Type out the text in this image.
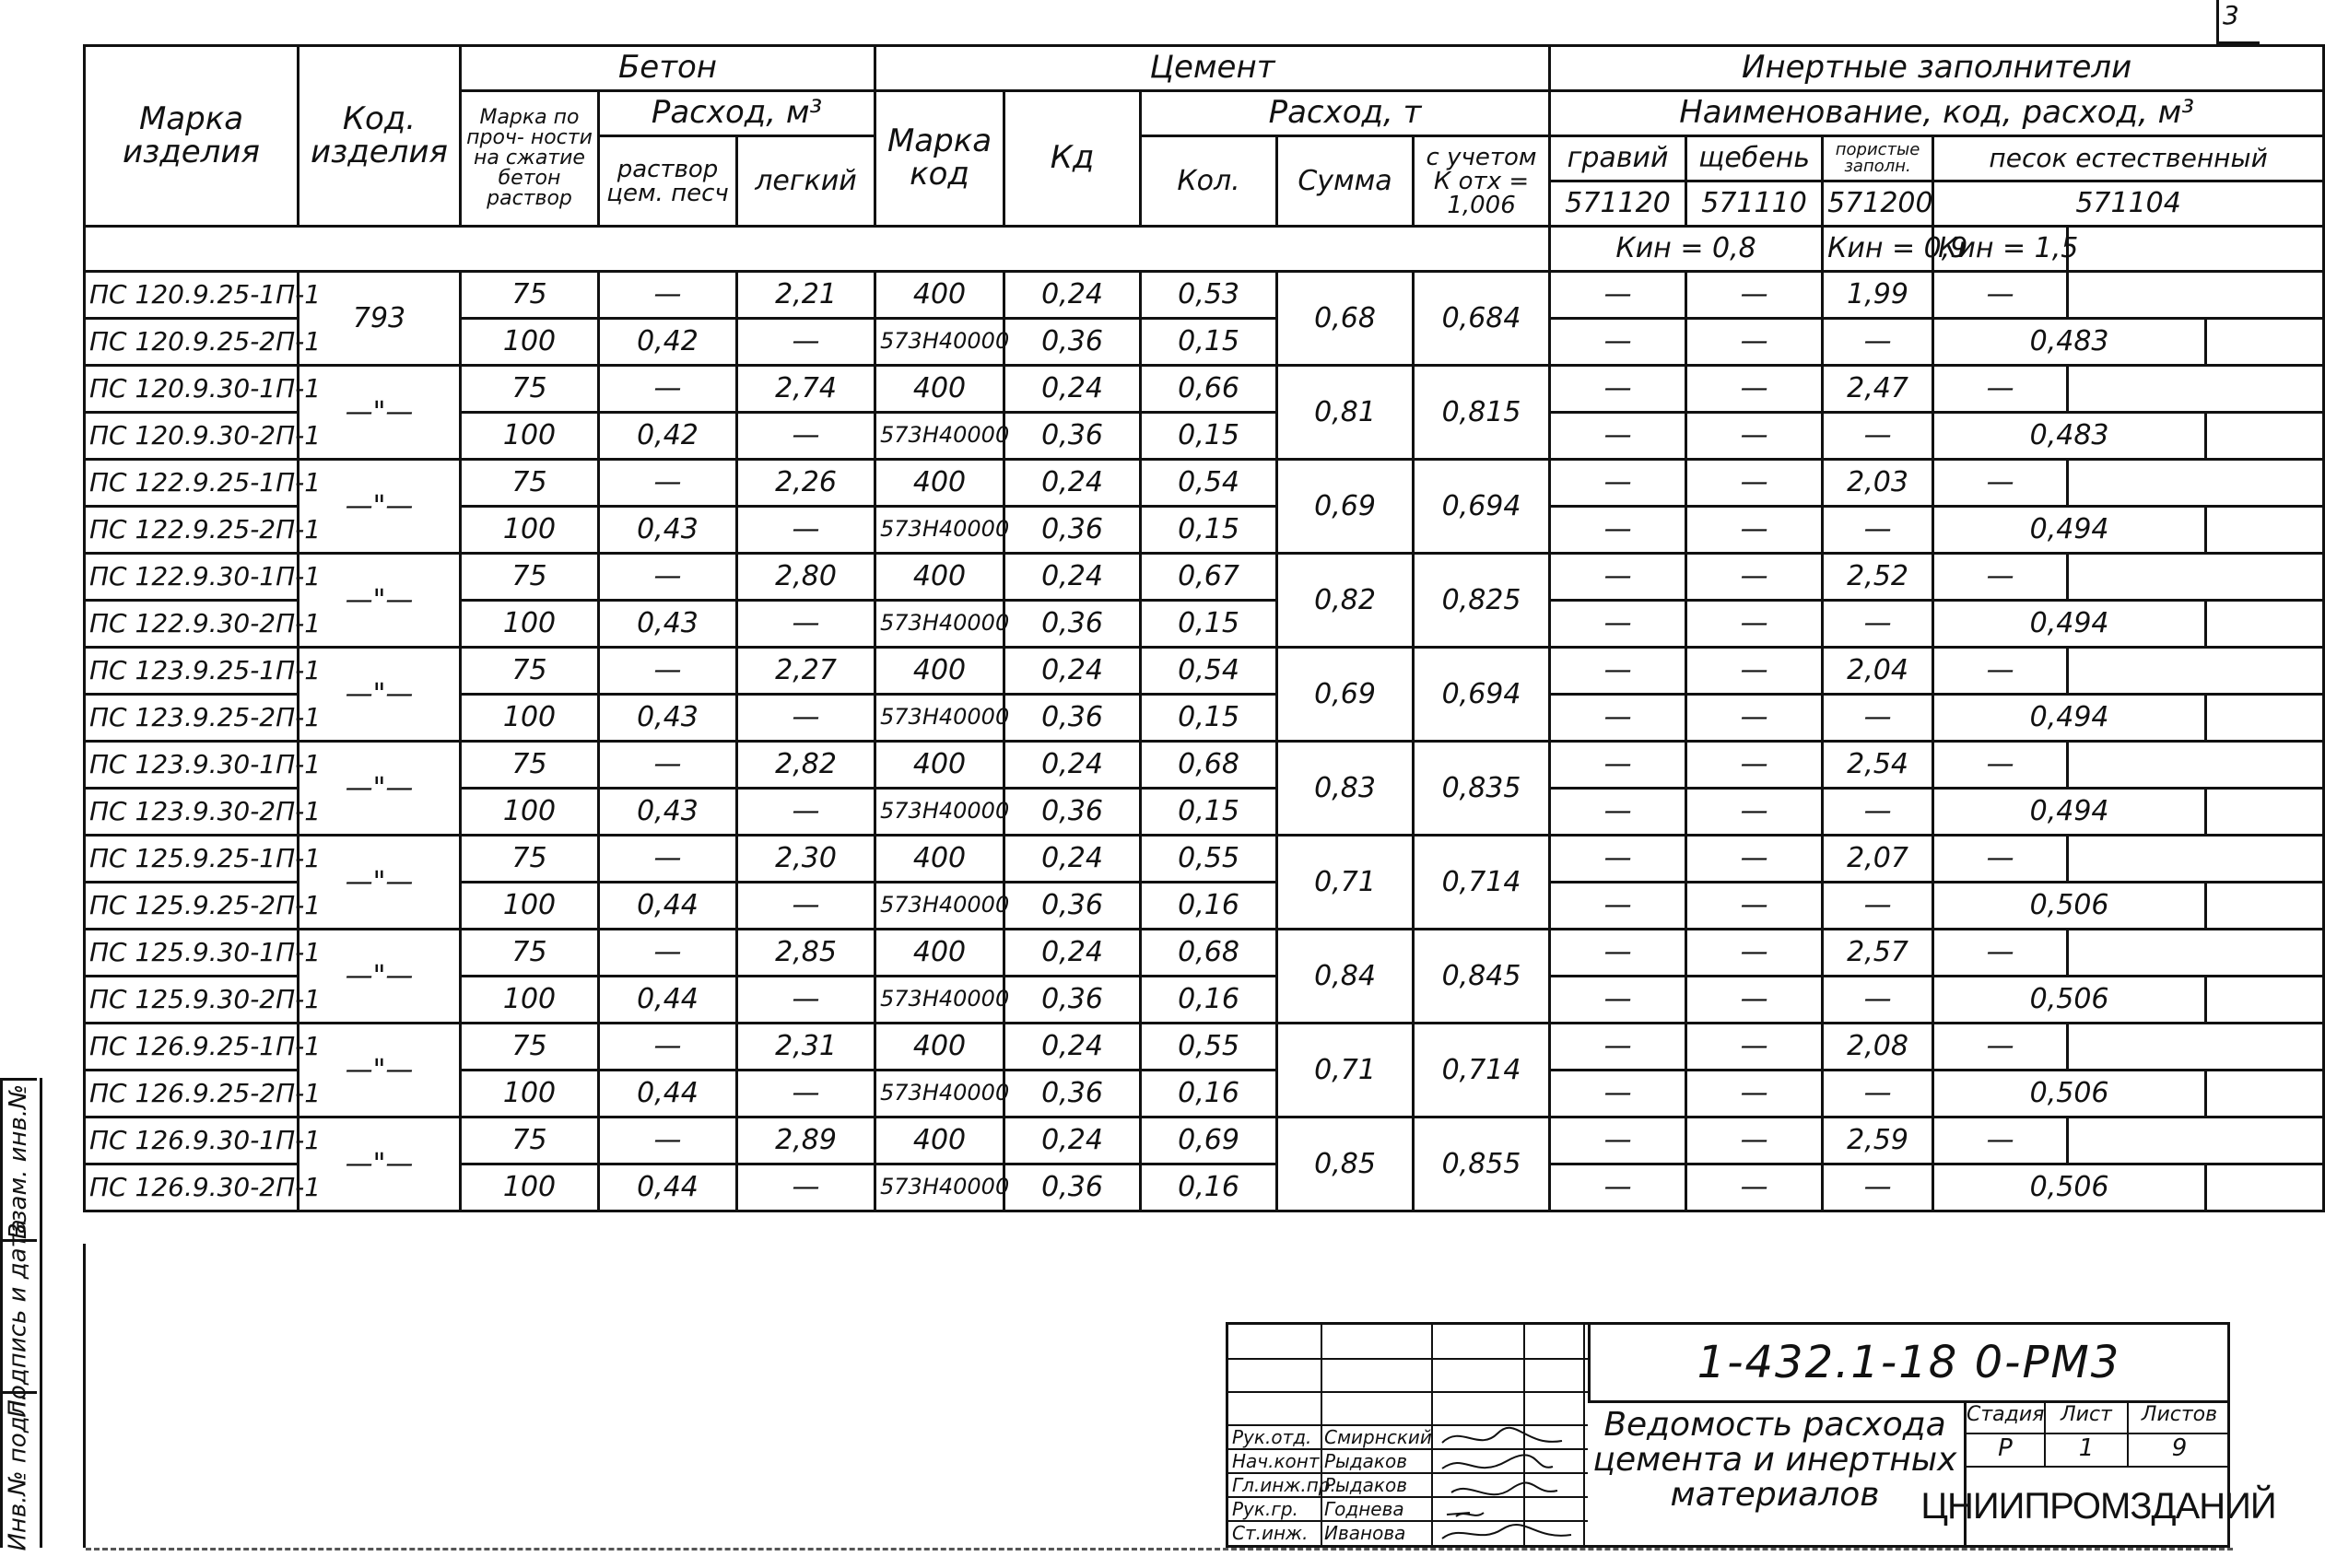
3
Марка изделия	Код. изделия	Бетон			Цемент					Инертные заполнители					
		Марка по проч- ности на сжатие бетон раствор	Расход, м³		Марка код	Кд	Расход, т			Наименование, код, расход, м³					
			раствор цем. песч	легкий			Кол.	Сумма	с учетом К отх = 1,006	гравий	щебень	пористые заполн.	песок естественный		
										571120	571110	571200	571104		
										Кин = 0,8		Кин = 0,9	Кин = 1,5		
ПС 120.9.25-1П-1	793	75	—	2,21	400	0,24	0,53	0,68	0,684	—	—	1,99	—		
ПС 120.9.25-2П-1		100	0,42	—	573Н40000	0,36	0,15			—	—	—	0,483		
ПС 120.9.30-1П-1	—"—	75	—	2,74	400	0,24	0,66	0,81	0,815	—	—	2,47	—		
ПС 120.9.30-2П-1		100	0,42	—	573Н40000	0,36	0,15			—	—	—	0,483		
ПС 122.9.25-1П-1	—"—	75	—	2,26	400	0,24	0,54	0,69	0,694	—	—	2,03	—		
ПС 122.9.25-2П-1		100	0,43	—	573Н40000	0,36	0,15			—	—	—	0,494		
ПС 122.9.30-1П-1	—"—	75	—	2,80	400	0,24	0,67	0,82	0,825	—	—	2,52	—		
ПС 122.9.30-2П-1		100	0,43	—	573Н40000	0,36	0,15			—	—	—	0,494		
ПС 123.9.25-1П-1	—"—	75	—	2,27	400	0,24	0,54	0,69	0,694	—	—	2,04	—		
ПС 123.9.25-2П-1		100	0,43	—	573Н40000	0,36	0,15			—	—	—	0,494		
ПС 123.9.30-1П-1	—"—	75	—	2,82	400	0,24	0,68	0,83	0,835	—	—	2,54	—		
ПС 123.9.30-2П-1		100	0,43	—	573Н40000	0,36	0,15			—	—	—	0,494		
ПС 125.9.25-1П-1	—"—	75	—	2,30	400	0,24	0,55	0,71	0,714	—	—	2,07	—		
ПС 125.9.25-2П-1		100	0,44	—	573Н40000	0,36	0,16			—	—	—	0,506		
ПС 125.9.30-1П-1	—"—	75	—	2,85	400	0,24	0,68	0,84	0,845	—	—	2,57	—		
ПС 125.9.30-2П-1		100	0,44	—	573Н40000	0,36	0,16			—	—	—	0,506		
ПС 126.9.25-1П-1	—"—	75	—	2,31	400	0,24	0,55	0,71	0,714	—	—	2,08	—		
ПС 126.9.25-2П-1		100	0,44	—	573Н40000	0,36	0,16			—	—	—	0,506		
ПС 126.9.30-1П-1	—"—	75	—	2,89	400	0,24	0,69	0,85	0,855	—	—	2,59	—		
ПС 126.9.30-2П-1		100	0,44	—	573Н40000	0,36	0,16			—	—	—	0,506		
Взам. инв.№
Подпись и дата
Инв.№ подл.	Рук.отд. Смирнский
Нач.конт. Рыдаков
Гл.инж.пр.
Рыдаков
Рук.гр. Годнева
Ст.инж. Иванова
1-432.1-18 0-РМ3
Ведомость расхода цемента и инертных материалов
Стадия Лист	Листов
Р	1	9
ЦНИИПРОМЗДАНИЙ
